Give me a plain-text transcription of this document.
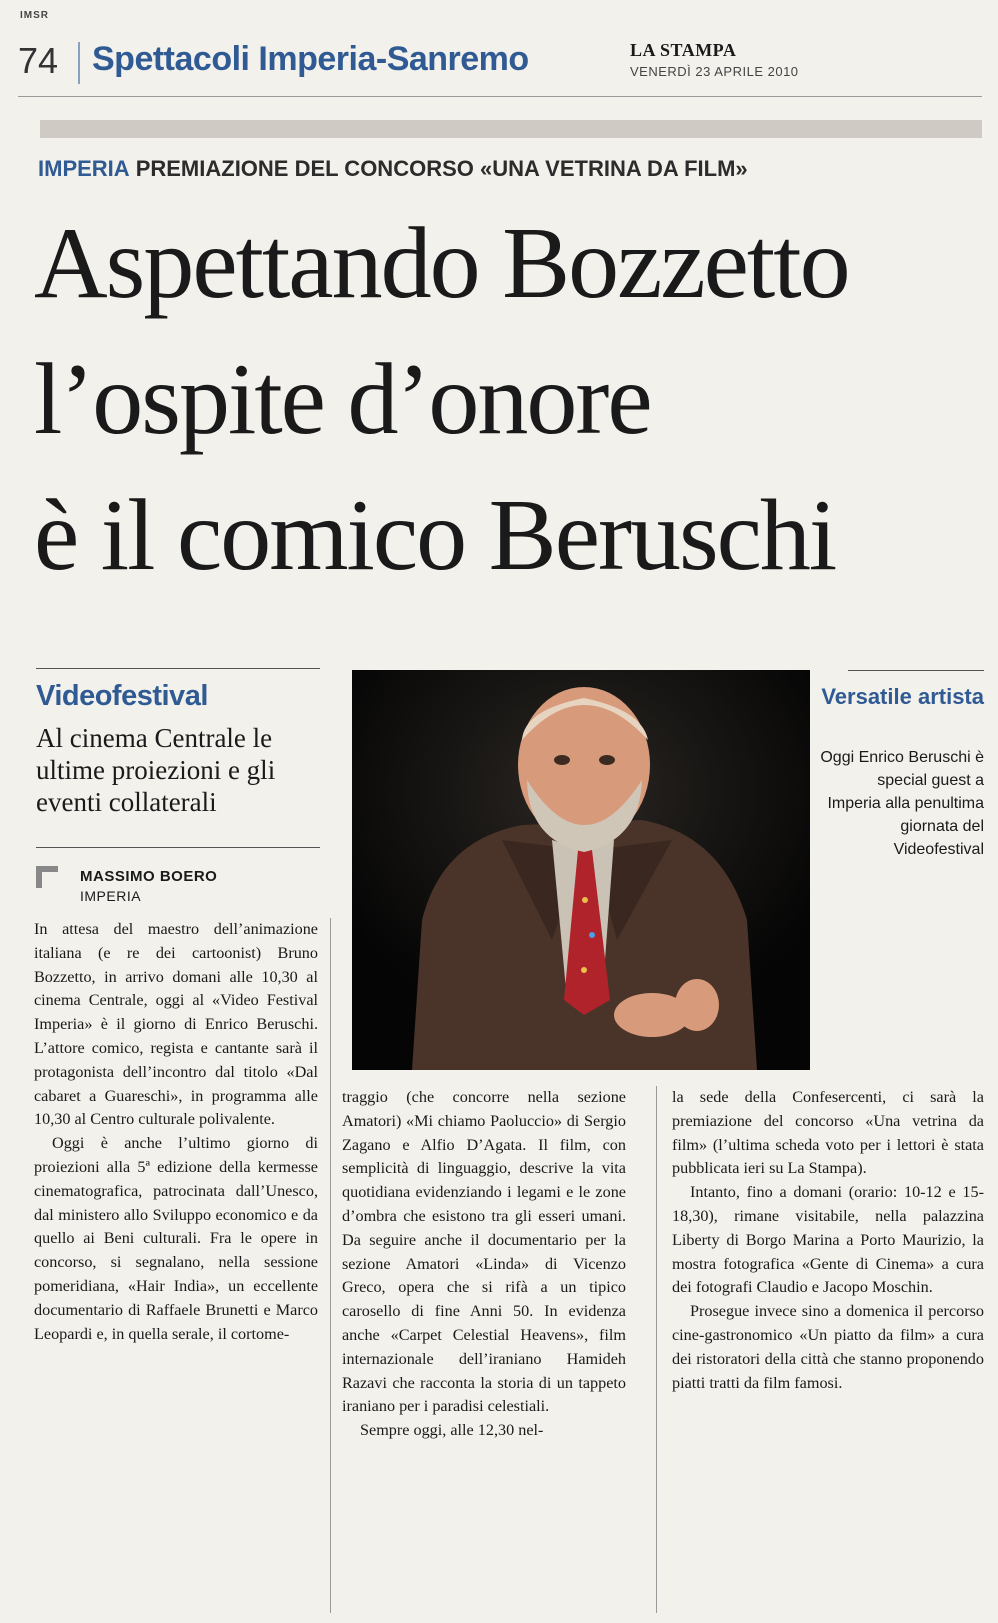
IMSR
74 Spettacoli Imperia-Sanremo	LA STAMPA
VENERDÌ 23 APRILE 2010
IMPERIA PREMIAZIONE DEL CONCORSO «UNA VETRINA DA FILM»
Aspettando Bozzetto
l’ospite d’onore
è il comico Beruschi
Videofestival
Al cinema Centrale le ultime proiezioni e gli eventi collaterali
MASSIMO BOERO
IMPERIA
Versatile artista
Oggi Enrico Beruschi è special guest a Imperia alla penultima giornata del Videofestival

In attesa del maestro dell’animazione italiana (e re dei cartoonist) Bruno Bozzetto, in arrivo domani alle 10,30 al cinema Centrale, oggi al «Video Festival Imperia» è il giorno di Enrico Beruschi. L’attore comico, regista e cantante sarà il protagonista dell’incontro dal titolo «Dal cabaret a Guareschi», in programma alle 10,30 al Centro culturale polivalente.

Oggi è anche l’ultimo giorno di proiezioni alla 5ª edizione della kermesse cinematografica, patrocinata dall’Unesco, dal ministero allo Sviluppo economico e da quello ai Beni culturali. Fra le opere in concorso, si segnalano, nella sessione pomeridiana, «Hair India», un eccellente documentario di Raffaele Brunetti e Marco Leopardi e, in quella serale, il cortome-

traggio (che concorre nella sezione Amatori) «Mi chiamo Paoluccio» di Sergio Zagano e Alfio D’Agata. Il film, con semplicità di linguaggio, descrive la vita quotidiana evidenziando i legami e le zone d’ombra che esistono tra gli esseri umani. Da seguire anche il documentario per la sezione Amatori «Linda» di Vicenzo Greco, opera che si rifà a un tipico carosello di fine Anni 50. In evidenza anche «Carpet Celestial Heavens», film internazionale dell’iraniano Hamideh Razavi che racconta la storia di un tappeto iraniano per i paradisi celestiali.

Sempre oggi, alle 12,30 nel-

la sede della Confesercenti, ci sarà la premiazione del concorso «Una vetrina da film» (l’ultima scheda voto per i lettori è stata pubblicata ieri su La Stampa).

Intanto, fino a domani (orario: 10-12 e 15-18,30), rimane visitabile, nella palazzina Liberty di Borgo Marina a Porto Maurizio, la mostra fotografica «Gente di Cinema» a cura dei fotografi Claudio e Jacopo Moschin.

Prosegue invece sino a domenica il percorso cine-gastronomico «Un piatto da film» a cura dei ristoratori della città che stanno proponendo piatti tratti da film famosi.
